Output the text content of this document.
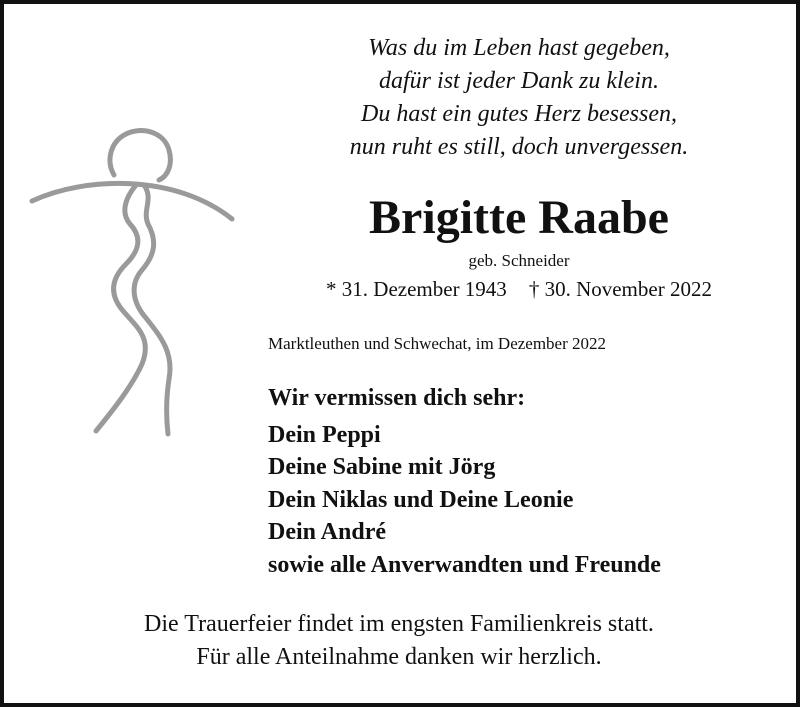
Was du im Leben hast gegeben,
dafür ist jeder Dank zu klein.
Du hast ein gutes Herz besessen,
nun ruht es still, doch unvergessen.
Brigitte Raabe
geb. Schneider
* 31. Dezember 1943 † 30. November 2022
Marktleuthen und Schwechat, im Dezember 2022
Wir vermissen dich sehr:
Dein Peppi
Deine Sabine mit Jörg
Dein Niklas und Deine Leonie
Dein André
sowie alle Anverwandten und Freunde
Die Trauerfeier findet im engsten Familienkreis statt.
Für alle Anteilnahme danken wir herzlich.
